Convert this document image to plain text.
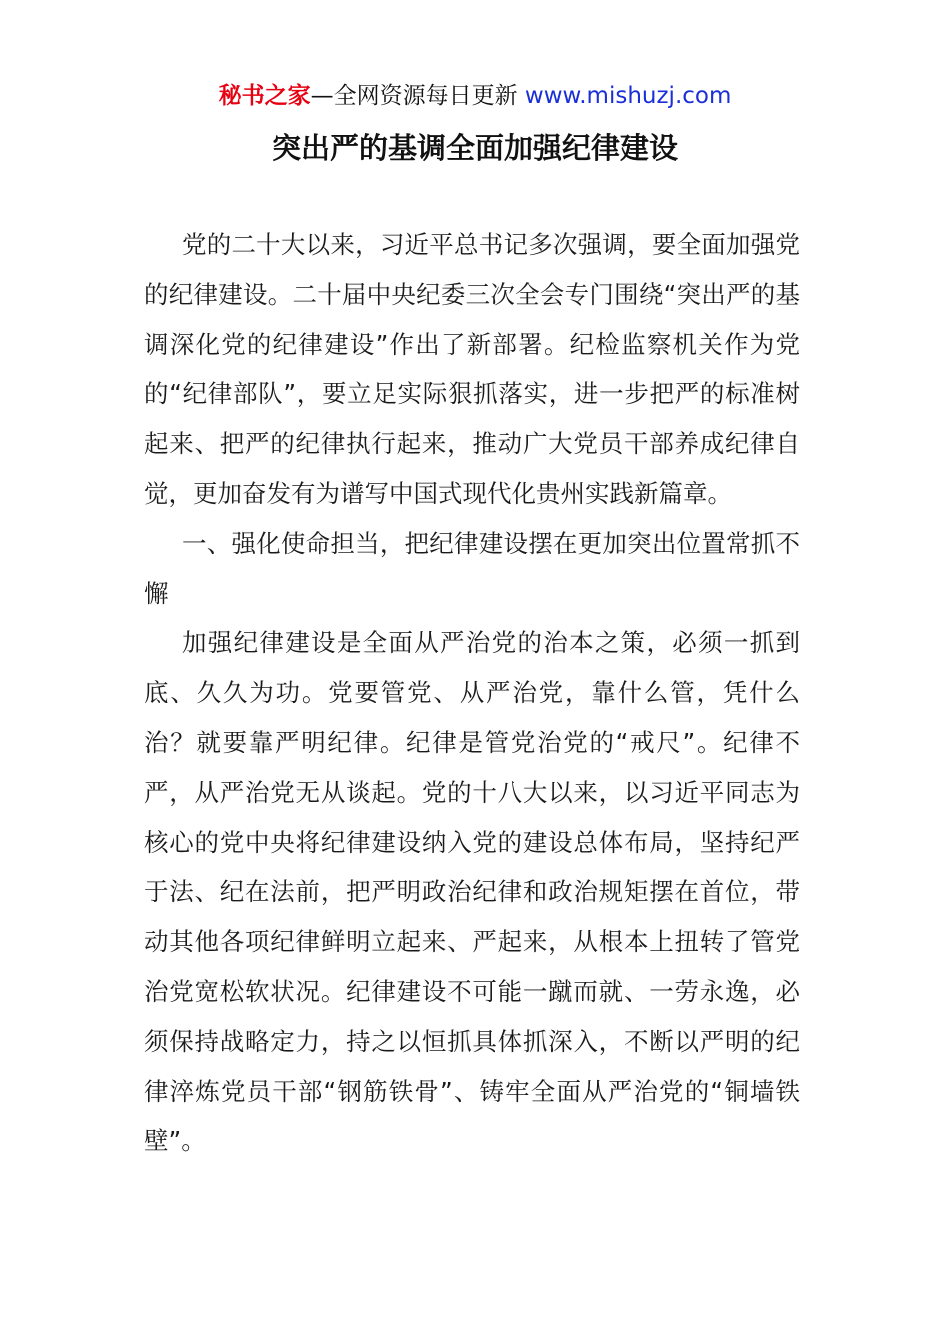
秘书之家—全网资源每日更新 www.mishuzj.com
突出严的基调全面加强纪律建设

党的二十大以来，习近平总书记多次强调，要全面加强党的纪律建设。二十届中央纪委三次全会专门围绕“突出严的基调深化党的纪律建设”作出了新部署。纪检监察机关作为党的“纪律部队”，要立足实际狠抓落实，进一步把严的标准树起来、把严的纪律执行起来，推动广大党员干部养成纪律自觉，更加奋发有为谱写中国式现代化贵州实践新篇章。

一、强化使命担当，把纪律建设摆在更加突出位置常抓不懈

加强纪律建设是全面从严治党的治本之策，必须一抓到底、久久为功。党要管党、从严治党，靠什么管，凭什么治？就要靠严明纪律。纪律是管党治党的“戒尺”。纪律不严，从严治党无从谈起。党的十八大以来，以习近平同志为核心的党中央将纪律建设纳入党的建设总体布局，坚持纪严于法、纪在法前，把严明政治纪律和政治规矩摆在首位，带动其他各项纪律鲜明立起来、严起来，从根本上扭转了管党治党宽松软状况。纪律建设不可能一蹴而就、一劳永逸，必须保持战略定力，持之以恒抓具体抓深入，不断以严明的纪律淬炼党员干部“钢筋铁骨”、铸牢全面从严治党的“铜墙铁壁”。
